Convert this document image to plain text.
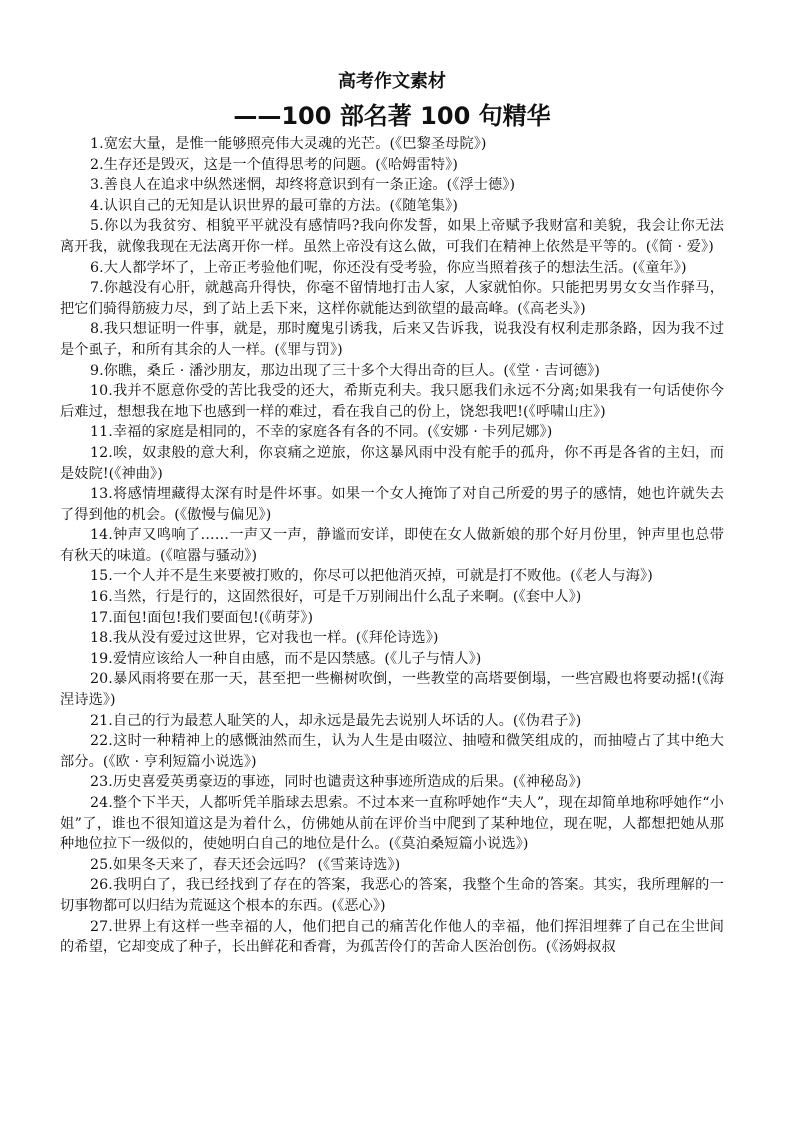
高考作文素材
——100 部名著 100 句精华

1.宽宏大量，是惟一能够照亮伟大灵魂的光芒。(《巴黎圣母院》)

2.生存还是毁灭，这是一个值得思考的问题。(《哈姆雷特》)

3.善良人在追求中纵然迷惘，却终将意识到有一条正途。(《浮士德》)

4.认识自己的无知是认识世界的最可靠的方法。(《随笔集》)

5.你以为我贫穷、相貌平平就没有感情吗?我向你发誓，如果上帝赋予我财富和美貌，我会让你无法离开我，就像我现在无法离开你一样。虽然上帝没有这么做，可我们在精神上依然是平等的。(《简 · 爱》)

6.大人都学坏了，上帝正考验他们呢，你还没有受考验，你应当照着孩子的想法生活。(《童年》)

7.你越没有心肝，就越高升得快，你毫不留情地打击人家，人家就怕你。只能把男男女女当作驿马，把它们骑得筋疲力尽，到了站上丢下来，这样你就能达到欲望的最高峰。(《高老头》)

8.我只想证明一件事，就是，那时魔鬼引诱我，后来又告诉我，说我没有权利走那条路，因为我不过是个虱子，和所有其余的人一样。(《罪与罚》)

9.你瞧，桑丘 · 潘沙朋友，那边出现了三十多个大得出奇的巨人。(《堂 · 吉诃德》)

10.我并不愿意你受的苦比我受的还大，希斯克利夫。我只愿我们永远不分离;如果我有一句话使你今后难过，想想我在地下也感到一样的难过，看在我自己的份上，饶恕我吧!(《呼啸山庄》)

11.幸福的家庭是相同的，不幸的家庭各有各的不同。(《安娜 · 卡列尼娜》)

12.唉，奴隶般的意大利，你哀痛之逆旅，你这暴风雨中没有舵手的孤舟，你不再是各省的主妇，而是妓院!(《神曲》)

13.将感情埋藏得太深有时是件坏事。如果一个女人掩饰了对自己所爱的男子的感情，她也许就失去了得到他的机会。(《傲慢与偏见》)

14.钟声又鸣响了……一声又一声，静谧而安详，即使在女人做新娘的那个好月份里，钟声里也总带有秋天的味道。(《喧嚣与骚动》)

15.一个人并不是生来要被打败的，你尽可以把他消灭掉，可就是打不败他。(《老人与海》)

16.当然，行是行的，这固然很好，可是千万别闹出什么乱子来啊。(《套中人》)

17.面包!面包!我们要面包!(《萌芽》)

18.我从没有爱过这世界，它对我也一样。(《拜伦诗选》)

19.爱情应该给人一种自由感，而不是囚禁感。(《儿子与情人》)

20.暴风雨将要在那一天，甚至把一些槲树吹倒，一些教堂的高塔要倒塌，一些宫殿也将要动摇!(《海涅诗选》)

21.自己的行为最惹人耻笑的人，却永远是最先去说别人坏话的人。(《伪君子》)

22.这时一种精神上的感慨油然而生，认为人生是由啜泣、抽噎和微笑组成的，而抽噎占了其中绝大部分。(《欧 · 亨利短篇小说选》)

23.历史喜爱英勇豪迈的事迹，同时也谴责这种事迹所造成的后果。(《神秘岛》)

24.整个下半天，人都听凭羊脂球去思索。不过本来一直称呼她作“夫人”，现在却简单地称呼她作“小姐”了，谁也不很知道这是为着什么，仿佛她从前在评价当中爬到了某种地位，现在呢，人都想把她从那种地位拉下一级似的，使她明白自己的地位是什么。(《莫泊桑短篇小说选》)

25.如果冬天来了，春天还会远吗？ (《雪莱诗选》)

26.我明白了，我已经找到了存在的答案，我恶心的答案，我整个生命的答案。其实，我所理解的一切事物都可以归结为荒诞这个根本的东西。(《恶心》)

27.世界上有这样一些幸福的人，他们把自己的痛苦化作他人的幸福，他们挥泪埋葬了自己在尘世间的希望，它却变成了种子，长出鲜花和香膏，为孤苦伶仃的苦命人医治创伤。(《汤姆叔叔
